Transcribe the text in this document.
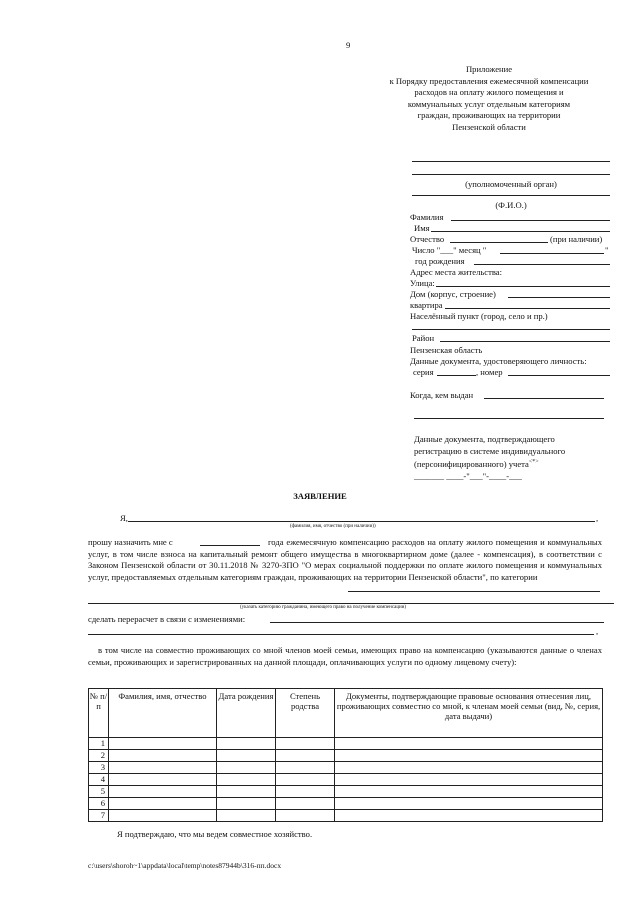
9
Приложение
к Порядку предоставления ежемесячной компенсации
расходов на оплату жилого помещения и
коммунальных услуг отдельным категориям
граждан, проживающих на территории
Пензенской области
(уполномоченный орган)
(Ф.И.О.)
Фамилия
Имя
Отчество	(при наличии)
Число "___" месяц "	"
год рождения
Адрес места жительства:
Улица:
Дом (корпус, строение)
квартира
Населённый пункт (город, село и пр.)
Район
Пензенская область
Данные документа, удостоверяющего личность:
серия	, номер
Когда, кем выдан
Данные документа, подтверждающего
регистрацию в системе индивидуального
(персонифицированного) учета<*>
_______ ____-"___"-____-___
ЗАЯВЛЕНИЕ
Я,	,
(фамилия, имя, отчество (при наличии))
прошу назначить мне с	года ежемесячную компенсацию расходов на оплату жилого помещения и коммунальных услуг, в том числе взноса на капитальный ремонт общего имущества в многоквартирном доме (далее - компенсация), в соответствии с Законом Пензенской области от 30.11.2018 № 3270-ЗПО "О мерах социальной поддержки по оплате жилого помещения и коммунальных услуг, предоставляемых отдельным категориям граждан, проживающих на территории Пензенской области", по категории
(указать категорию гражданина, имеющего право на получение компенсации)
сделать перерасчет в связи с изменениями:
,
в том числе на совместно проживающих со мной членов моей семьи, имеющих право на компенсацию (указываются данные о членах семьи, проживающих и зарегистрированных на данной площади, оплачивающих услуги по одному лицевому счету):
№ п/п	Фамилия, имя, отчество	Дата рождения	Степень родства	Документы, подтверждающие правовые основания отнесения лиц, проживающих совместно со мной, к членам моей семьи (вид, №, серия, дата выдачи)
1				
2				
3				
4				
5				
6				
7				
Я подтверждаю, что мы ведем совместное хозяйство.
c:\users\shoroh~1\appdata\local\temp\notes87944b\316-пп.docx
